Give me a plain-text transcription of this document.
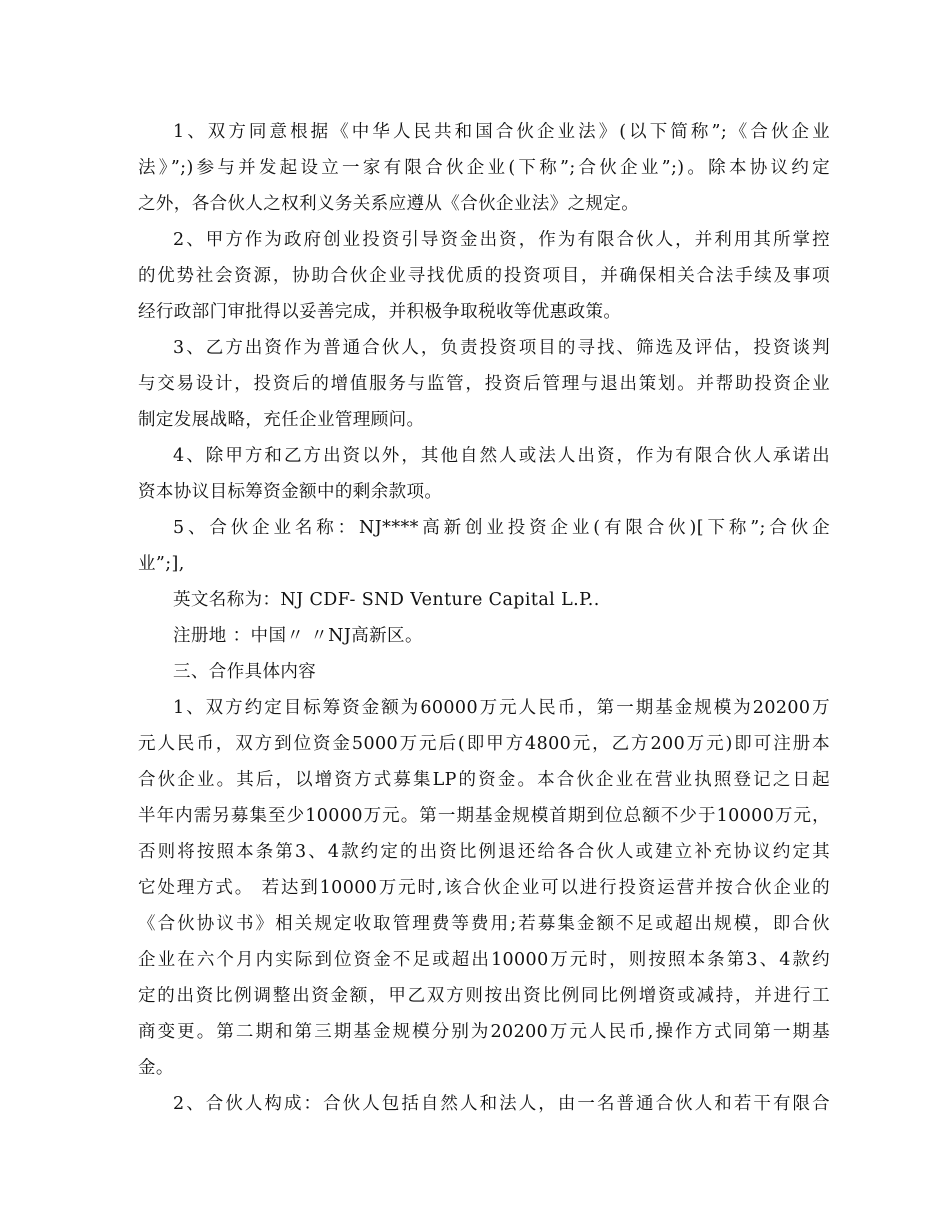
1、双方同意根据《中华人民共和国合伙企业法》(以下简称”;《合伙企业
法》”;)参与并发起设立一家有限合伙企业(下称”;合伙企业”;)。除本协议约定
之外，各合伙人之权利义务关系应遵从《合伙企业法》之规定。
2、甲方作为政府创业投资引导资金出资，作为有限合伙人，并利用其所掌控
的优势社会资源，协助合伙企业寻找优质的投资项目，并确保相关合法手续及事项
经行政部门审批得以妥善完成，并积极争取税收等优惠政策。
3、乙方出资作为普通合伙人，负责投资项目的寻找、筛选及评估，投资谈判
与交易设计，投资后的增值服务与监管，投资后管理与退出策划。并帮助投资企业
制定发展战略，充任企业管理顾问。
4、除甲方和乙方出资以外，其他自然人或法人出资，作为有限合伙人承诺出
资本协议目标筹资金额中的剩余款项。
5、合伙企业名称：NJ****高新创业投资企业(有限合伙)[下称”;合伙企
业”;],
英文名称为：NJ CDF- SND Venture Capital L.P..
注册地 ：中国〃 〃NJ高新区。
三、合作具体内容
1、双方约定目标筹资金额为60000万元人民币，第一期基金规模为20200万
元人民币，双方到位资金5000万元后(即甲方4800元，乙方200万元)即可注册本
合伙企业。其后，以增资方式募集LP的资金。本合伙企业在营业执照登记之日起
半年内需另募集至少10000万元。第一期基金规模首期到位总额不少于10000万元，
否则将按照本条第3、4款约定的出资比例退还给各合伙人或建立补充协议约定其
它处理方式。 若达到10000万元时,该合伙企业可以进行投资运营并按合伙企业的
《合伙协议书》相关规定收取管理费等费用;若募集金额不足或超出规模，即合伙
企业在六个月内实际到位资金不足或超出10000万元时，则按照本条第3、4款约
定的出资比例调整出资金额，甲乙双方则按出资比例同比例增资或减持，并进行工
商变更。第二期和第三期基金规模分别为20200万元人民币,操作方式同第一期基
金。
2、合伙人构成：合伙人包括自然人和法人，由一名普通合伙人和若干有限合
